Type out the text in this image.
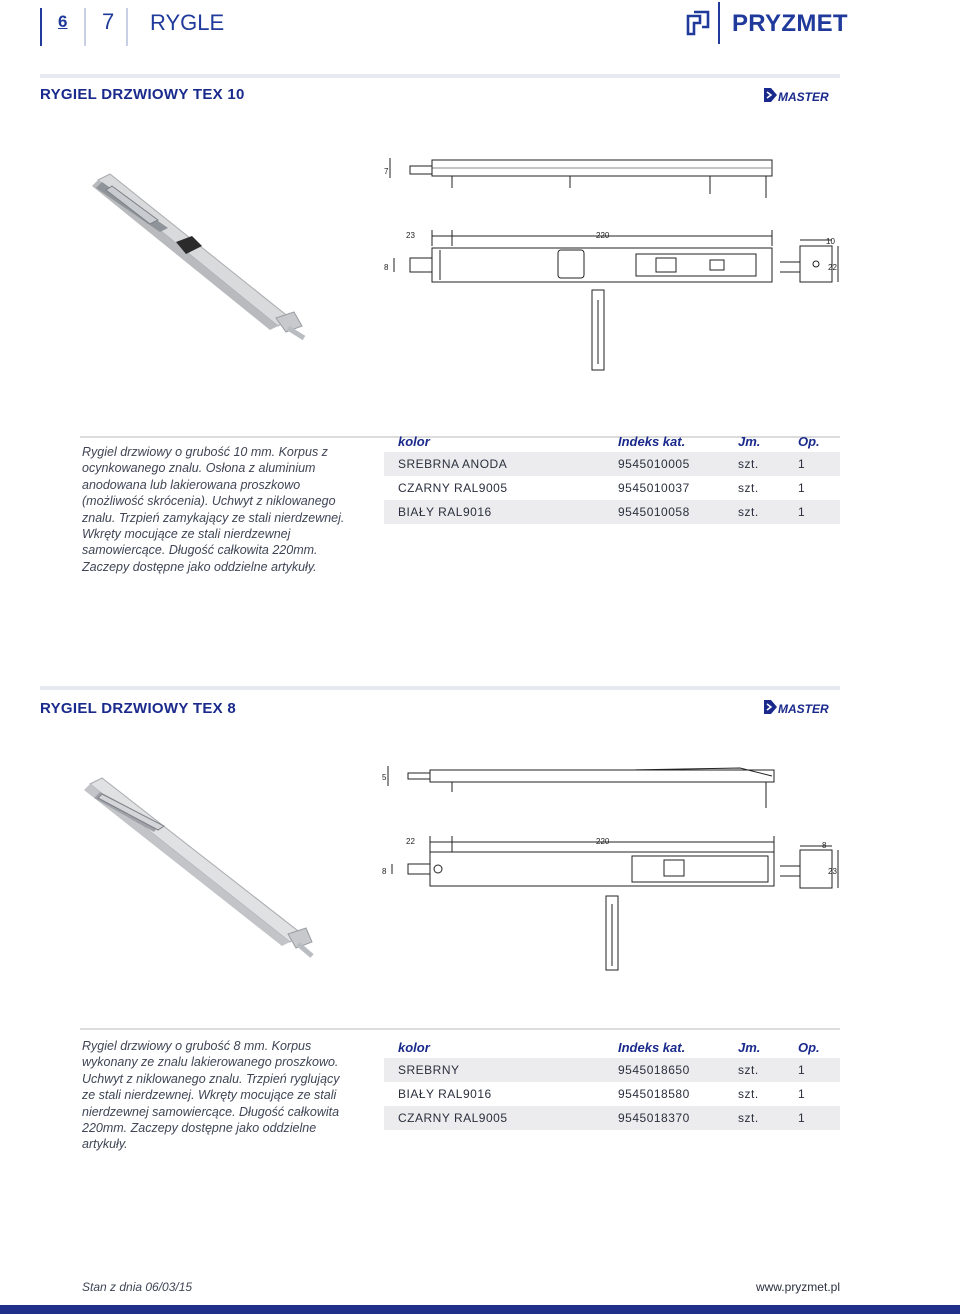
6	7	RYGLE	PRYZMET
RYGIEL DRZWIOWY TEX 10	MASTER
7
23	220
8
10
22
Rygiel drzwiowy o grubość 10 mm. Korpus z ocynkowanego znalu. Osłona z aluminium anodowana lub lakierowana proszkowo (możliwość skrócenia). Uchwyt z niklowanego znalu. Trzpień zamykający ze stali nierdzewnej. Wkręty mocujące ze stali nierdzewnej samowiercące. Długość całkowita 220mm. Zaczepy dostępne jako oddzielne artykuły.
kolor	Indeks kat.	Jm.	Op.
SREBRNA ANODA	9545010005	szt.	1
CZARNY RAL9005	9545010037	szt.	1
BIAŁY RAL9016	9545010058	szt.	1
RYGIEL DRZWIOWY TEX 8	MASTER
5
22	220
8
8
23
Rygiel drzwiowy o grubość 8 mm. Korpus wykonany ze znalu lakierowanego proszkowo. Uchwyt z niklowanego znalu. Trzpień ryglujący ze stali nierdzewnej. Wkręty mocujące ze stali nierdzewnej samowiercące. Długość całkowita 220mm. Zaczepy dostępne jako oddzielne artykuły.
kolor	Indeks kat.	Jm.	Op.
SREBRNY	9545018650	szt.	1
BIAŁY RAL9016	9545018580	szt.	1
CZARNY RAL9005	9545018370	szt.	1
Stan z dnia 06/03/15	www.pryzmet.pl
